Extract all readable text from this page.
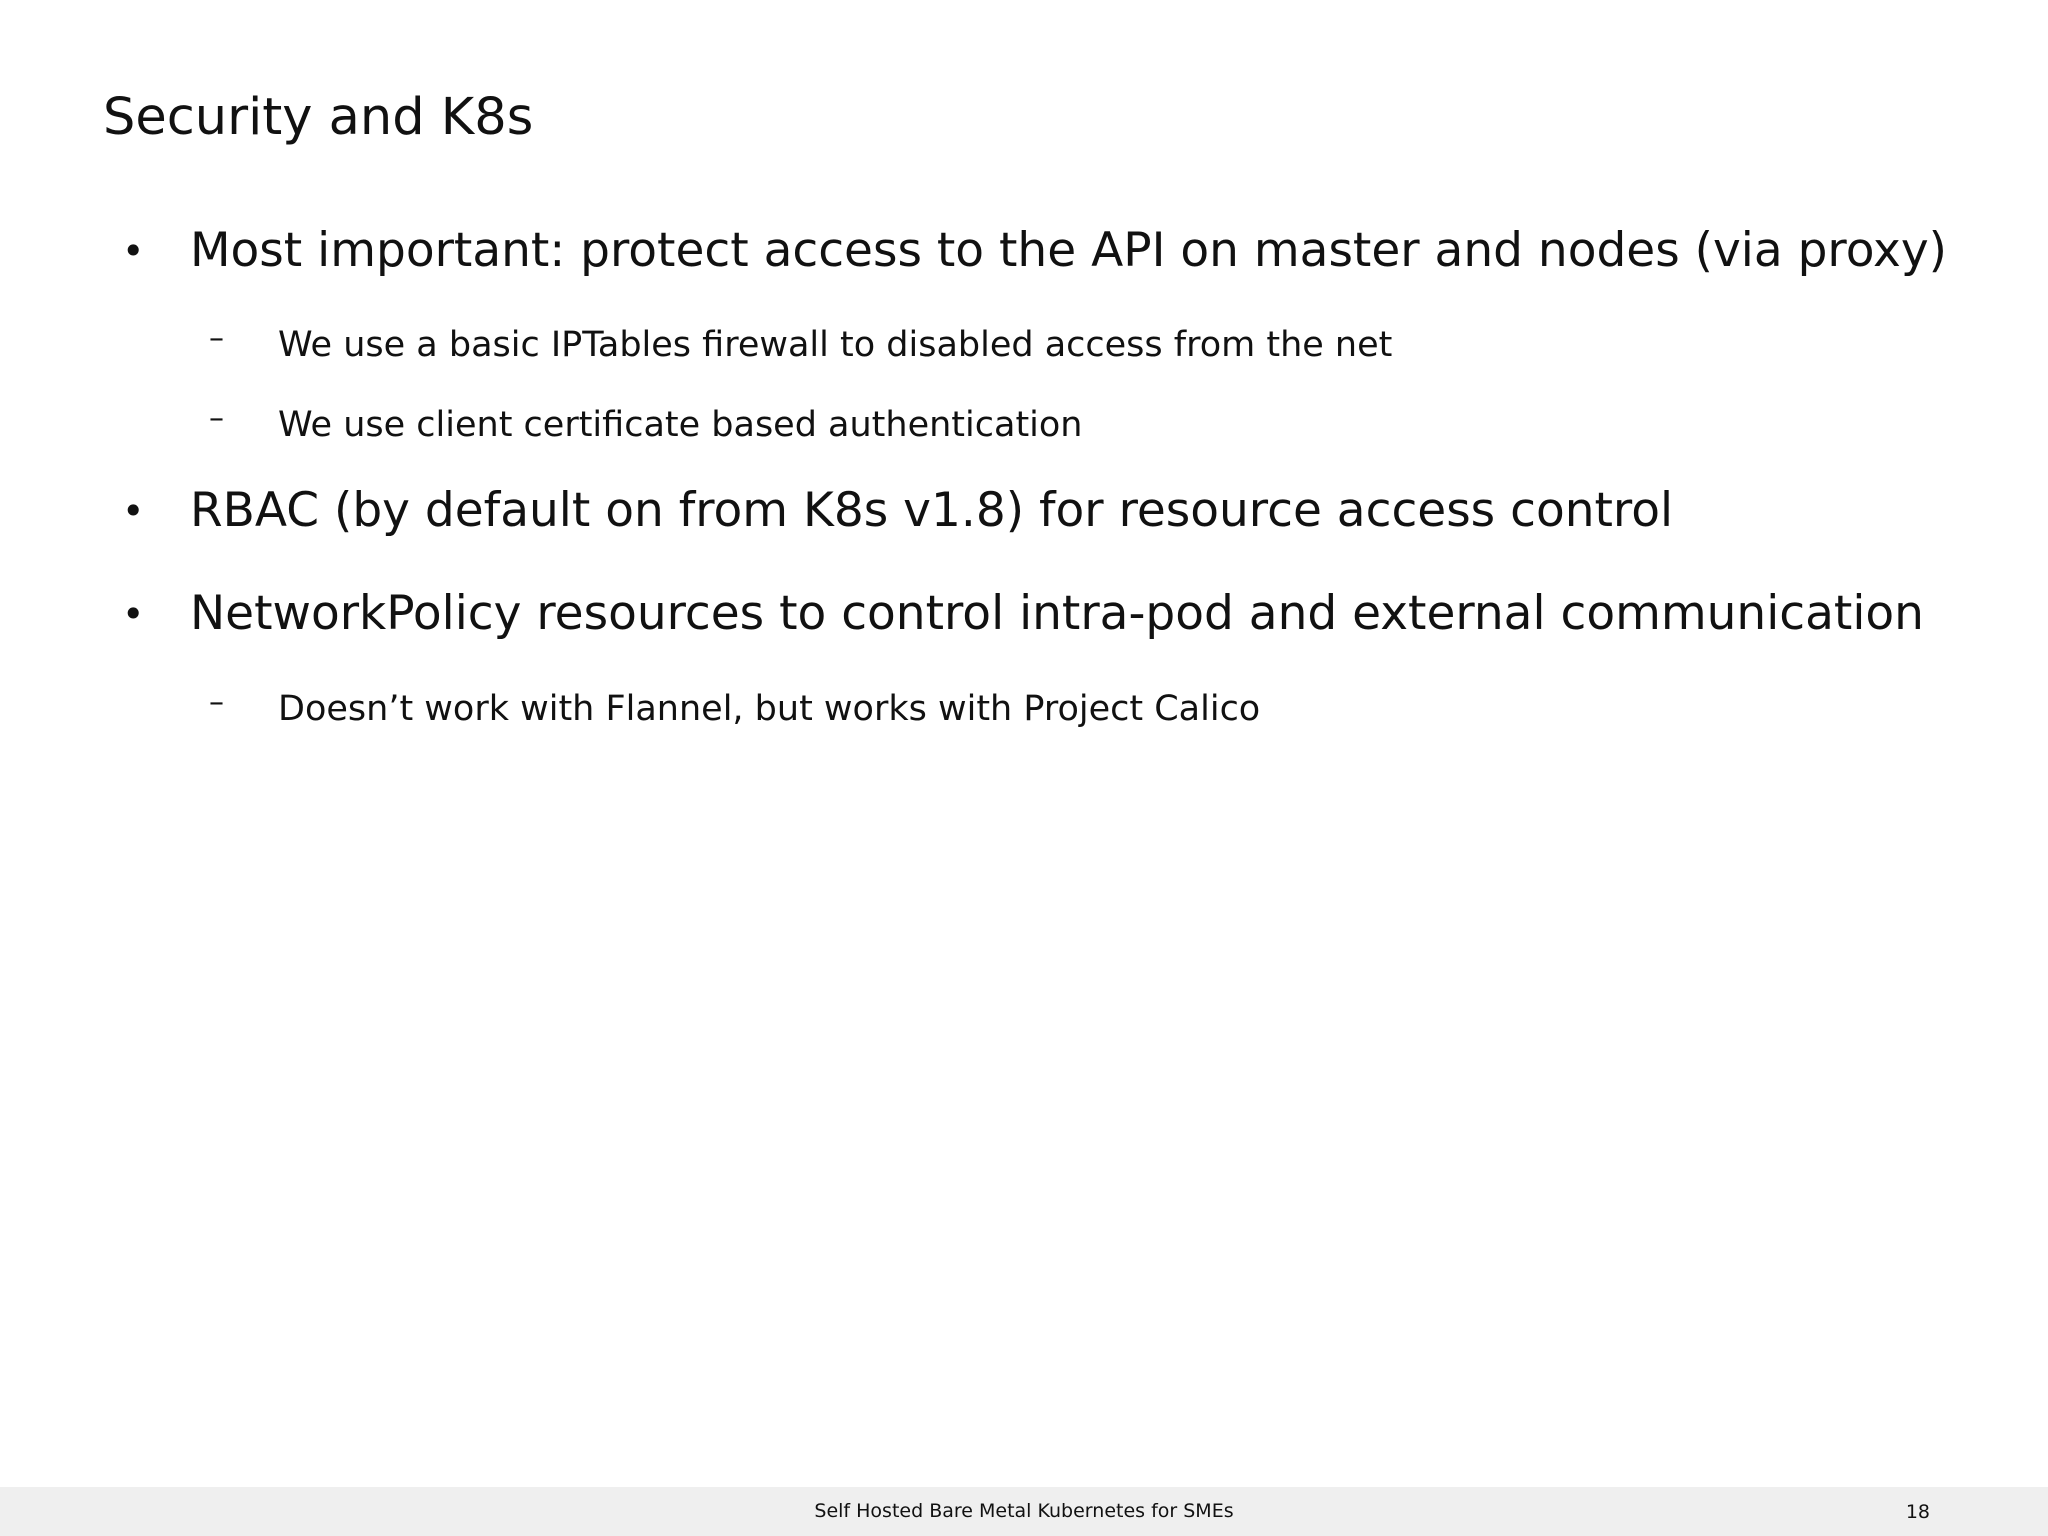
Security and K8s
• Most important: protect access to the API on master and nodes (via proxy)
– We use a basic IPTables firewall to disabled access from the net
– We use client certificate based authentication
• RBAC (by default on from K8s v1.8) for resource access control
• NetworkPolicy resources to control intra-pod and external communication
– Doesn’t work with Flannel, but works with Project Calico
Self Hosted Bare Metal Kubernetes for SMEs	18
